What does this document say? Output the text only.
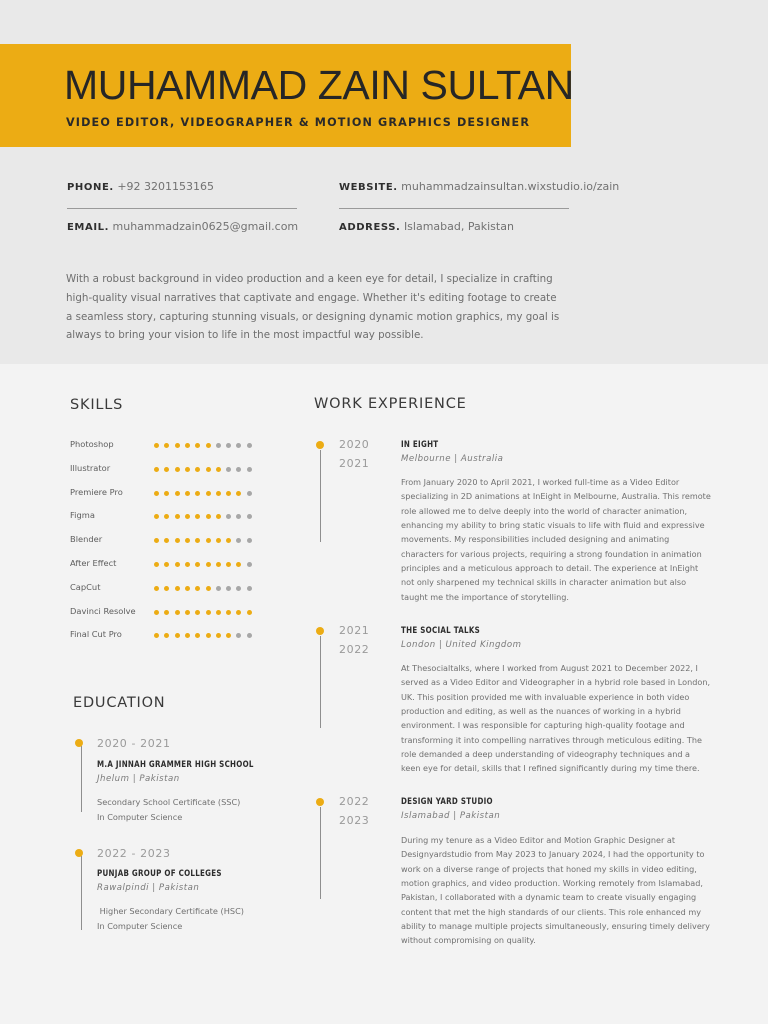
MUHAMMAD ZAIN SULTAN
VIDEO EDITOR, VIDEOGRAPHER & MOTION GRAPHICS DESIGNER
PHONE. +92 3201153165	WEBSITE. muhammadzainsultan.wixstudio.io/zain
EMAIL. muhammadzain0625@gmail.com	ADDRESS. Islamabad, Pakistan
With a robust background in video production and a keen eye for detail, I specialize in crafting high-quality visual narratives that captivate and engage. Whether it's editing footage to create a seamless story, capturing stunning visuals, or designing dynamic motion graphics, my goal is always to bring your vision to life in the most impactful way possible.
SKILLS
Photoshop
Illustrator
Premiere Pro
Figma
Blender
After Effect
CapCut
Davinci Resolve
Final Cut Pro
EDUCATION
2020 - 2021
M.A JINNAH GRAMMER HIGH SCHOOL
Jhelum | Pakistan
Secondary School Certificate (SSC)
In Computer Science
2022 - 2023
PUNJAB GROUP OF COLLEGES
Rawalpindi | Pakistan
Higher Secondary Certificate (HSC)
In Computer Science
WORK EXPERIENCE
2020
2021
IN EIGHT
Melbourne | Australia
From January 2020 to April 2021, I worked full-time as a Video Editor specializing in 2D animations at InEight in Melbourne, Australia. This remote role allowed me to delve deeply into the world of character animation, enhancing my ability to bring static visuals to life with fluid and expressive movements. My responsibilities included designing and animating characters for various projects, requiring a strong foundation in animation principles and a meticulous approach to detail. The experience at InEight not only sharpened my technical skills in character animation but also taught me the importance of storytelling.
2021
2022
THE SOCIAL TALKS
London | United Kingdom
At Thesocialtalks, where I worked from August 2021 to December 2022, I served as a Video Editor and Videographer in a hybrid role based in London, UK. This position provided me with invaluable experience in both video production and editing, as well as the nuances of working in a hybrid environment. I was responsible for capturing high-quality footage and transforming it into compelling narratives through meticulous editing. The role demanded a deep understanding of videography techniques and a keen eye for detail, skills that I refined significantly during my time there.
2022
2023
DESIGN YARD STUDIO
Islamabad | Pakistan
During my tenure as a Video Editor and Motion Graphic Designer at Designyardstudio from May 2023 to January 2024, I had the opportunity to work on a diverse range of projects that honed my skills in video editing, motion graphics, and video production. Working remotely from Islamabad, Pakistan, I collaborated with a dynamic team to create visually engaging content that met the high standards of our clients. This role enhanced my ability to manage multiple projects simultaneously, ensuring timely delivery without compromising on quality.
